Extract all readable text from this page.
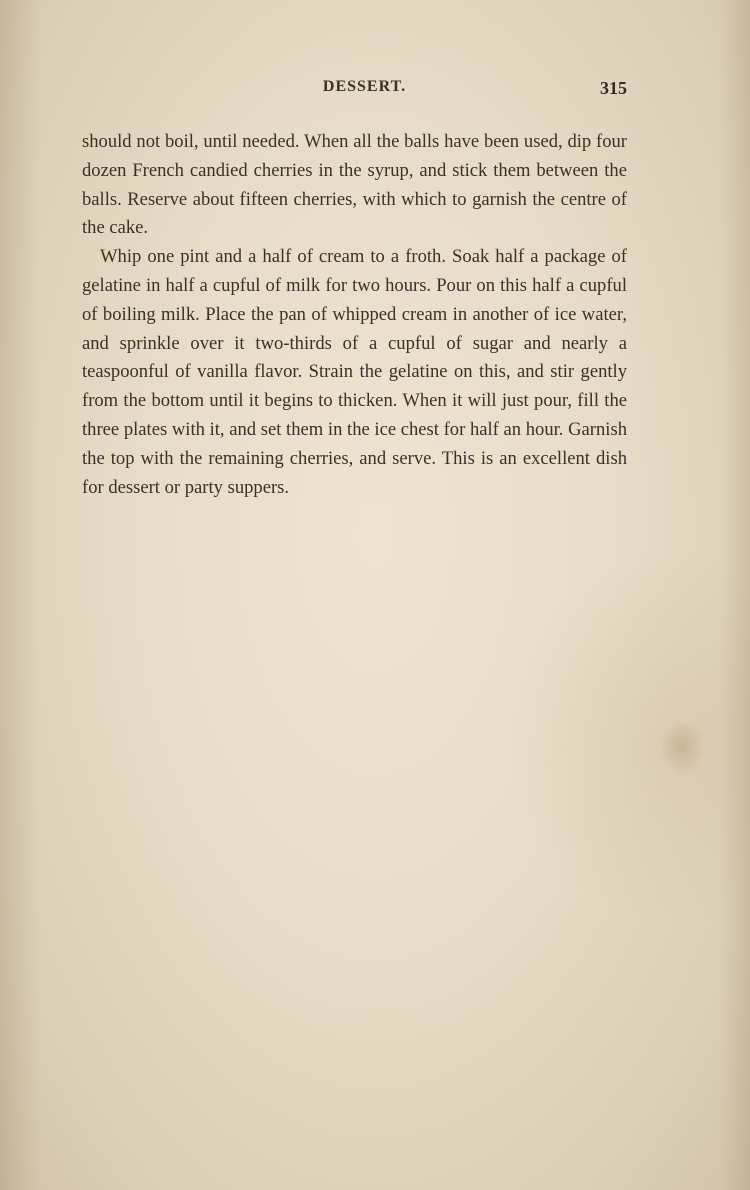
DESSERT.	315

should not boil, until needed. When all the balls have been used, dip four dozen French candied cherries in the syrup, and stick them between the balls. Reserve about fifteen cherries, with which to garnish the centre of the cake.

Whip one pint and a half of cream to a froth. Soak half a package of gelatine in half a cupful of milk for two hours. Pour on this half a cupful of boiling milk. Place the pan of whipped cream in another of ice water, and sprinkle over it two-thirds of a cupful of sugar and nearly a teaspoonful of vanilla flavor. Strain the gelatine on this, and stir gently from the bottom until it begins to thicken. When it will just pour, fill the three plates with it, and set them in the ice chest for half an hour. Garnish the top with the remaining cherries, and serve. This is an excellent dish for dessert or party suppers.
